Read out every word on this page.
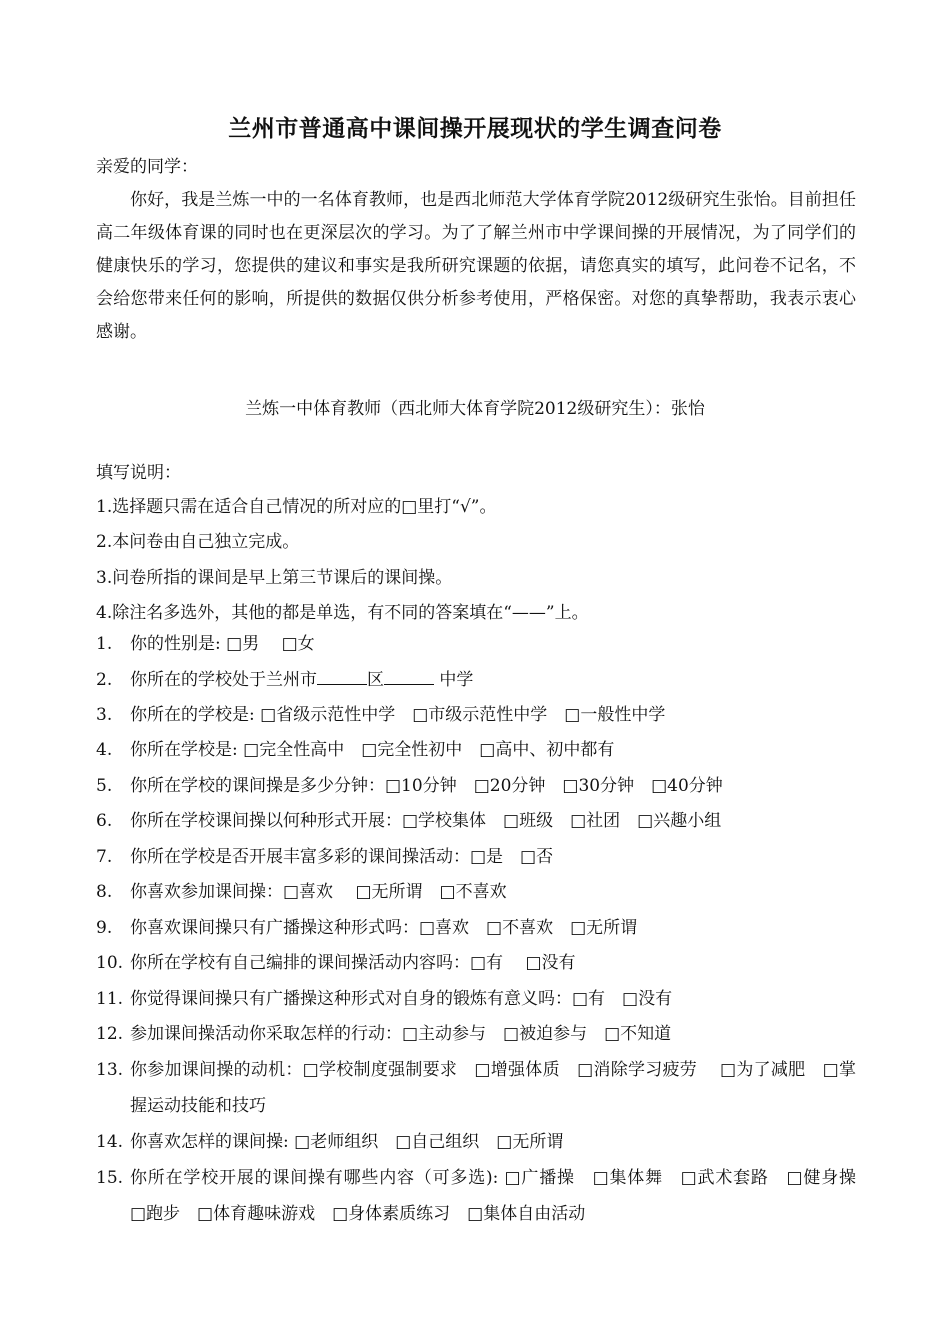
兰州市普通高中课间操开展现状的学生调查问卷
亲爱的同学：
你好，我是兰炼一中的一名体育教师，也是西北师范大学体育学院2012级研究生张怡。目前担任高二年级体育课的同时也在更深层次的学习。为了了解兰州市中学课间操的开展情况，为了同学们的健康快乐的学习，您提供的建议和事实是我所研究课题的依据，请您真实的填写，此问卷不记名，不会给您带来任何的影响，所提供的数据仅供分析参考使用，严格保密。对您的真挚帮助，我表示衷心感谢。
兰炼一中体育教师（西北师大体育学院2012级研究生）：张怡
填写说明：
1.选择题只需在适合自己情况的所对应的□里打“√”。
2.本问卷由自己独立完成。
3.问卷所指的课间是早上第三节课后的课间操。
4.除注名多选外，其他的都是单选，有不同的答案填在“——”上。
1. 你的性别是: □男　 □女
2. 你所在的学校处于兰州市	区	中学
3. 你所在的学校是: □省级示范性中学　□市级示范性中学　□一般性中学
4. 你所在学校是: □完全性高中　□完全性初中　□高中、初中都有
5. 你所在学校的课间操是多少分钟：□10分钟　□20分钟　□30分钟　□40分钟
6. 你所在学校课间操以何种形式开展：□学校集体　□班级　□社团　□兴趣小组
7. 你所在学校是否开展丰富多彩的课间操活动：□是　□否
8. 你喜欢参加课间操：□喜欢　 □无所谓　□不喜欢
9. 你喜欢课间操只有广播操这种形式吗：□喜欢　□不喜欢　□无所谓
10. 你所在学校有自己编排的课间操活动内容吗：□有　 □没有
11. 你觉得课间操只有广播操这种形式对自身的锻炼有意义吗：□有　□没有
12. 参加课间操活动你采取怎样的行动：□主动参与　□被迫参与　□不知道
13. 你参加课间操的动机：□学校制度强制要求　□增强体质　□消除学习疲劳　 □为了减肥　□掌握运动技能和技巧
14. 你喜欢怎样的课间操: □老师组织　□自己组织　□无所谓
15. 你所在学校开展的课间操有哪些内容（可多选): □广播操　□集体舞　□武术套路　□健身操　□跑步　□体育趣味游戏　□身体素质练习　□集体自由活动
